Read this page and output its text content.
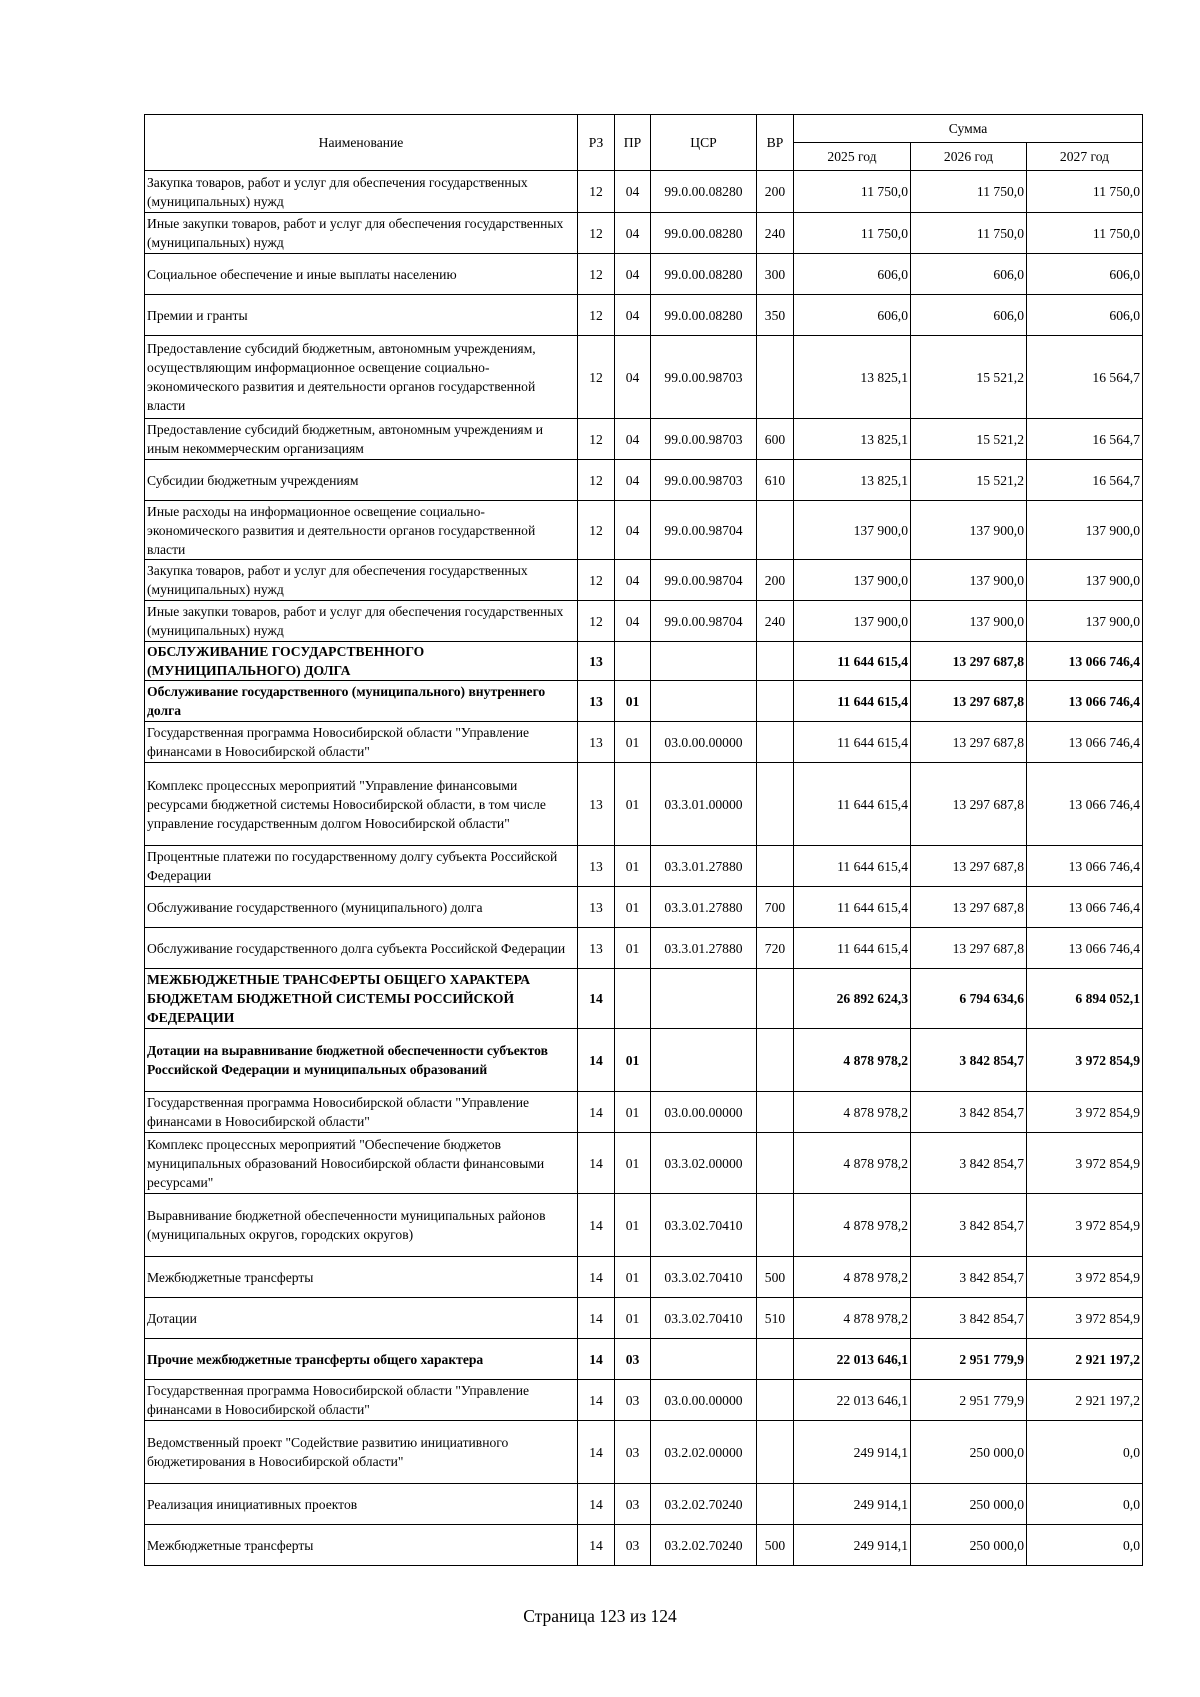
Наименование	РЗ	ПР	ЦСР	ВР	Сумма		
					2025 год	2026 год	2027 год
Закупка товаров, работ и услуг для обеспечения государственных (муниципальных) нужд	12	04	99.0.00.08280	200	11 750,0	11 750,0	11 750,0
Иные закупки товаров, работ и услуг для обеспечения государственных (муниципальных) нужд	12	04	99.0.00.08280	240	11 750,0	11 750,0	11 750,0
Социальное обеспечение и иные выплаты населению	12	04	99.0.00.08280	300	606,0	606,0	606,0
Премии и гранты	12	04	99.0.00.08280	350	606,0	606,0	606,0
Предоставление субсидий бюджетным, автономным учреждениям, осуществляющим информационное освещение социально-экономического развития и деятельности органов государственной власти	12	04	99.0.00.98703		13 825,1	15 521,2	16 564,7
Предоставление субсидий бюджетным, автономным учреждениям и иным некоммерческим организациям	12	04	99.0.00.98703	600	13 825,1	15 521,2	16 564,7
Субсидии бюджетным учреждениям	12	04	99.0.00.98703	610	13 825,1	15 521,2	16 564,7
Иные расходы на информационное освещение социально-экономического развития и деятельности органов государственной власти	12	04	99.0.00.98704		137 900,0	137 900,0	137 900,0
Закупка товаров, работ и услуг для обеспечения государственных (муниципальных) нужд	12	04	99.0.00.98704	200	137 900,0	137 900,0	137 900,0
Иные закупки товаров, работ и услуг для обеспечения государственных (муниципальных) нужд	12	04	99.0.00.98704	240	137 900,0	137 900,0	137 900,0
ОБСЛУЖИВАНИЕ ГОСУДАРСТВЕННОГО (МУНИЦИПАЛЬНОГО) ДОЛГА	13				11 644 615,4	13 297 687,8	13 066 746,4
Обслуживание государственного (муниципального) внутреннего долга	13	01			11 644 615,4	13 297 687,8	13 066 746,4
Государственная программа Новосибирской области "Управление финансами в Новосибирской области"	13	01	03.0.00.00000		11 644 615,4	13 297 687,8	13 066 746,4
Комплекс процессных мероприятий "Управление финансовыми ресурсами бюджетной системы Новосибирской области, в том числе управление государственным долгом Новосибирской области"	13	01	03.3.01.00000		11 644 615,4	13 297 687,8	13 066 746,4
Процентные платежи по государственному долгу субъекта Российской Федерации	13	01	03.3.01.27880		11 644 615,4	13 297 687,8	13 066 746,4
Обслуживание государственного (муниципального) долга	13	01	03.3.01.27880	700	11 644 615,4	13 297 687,8	13 066 746,4
Обслуживание государственного долга субъекта Российской Федерации	13	01	03.3.01.27880	720	11 644 615,4	13 297 687,8	13 066 746,4
МЕЖБЮДЖЕТНЫЕ ТРАНСФЕРТЫ ОБЩЕГО ХАРАКТЕРА БЮДЖЕТАМ БЮДЖЕТНОЙ СИСТЕМЫ РОССИЙСКОЙ ФЕДЕРАЦИИ	14				26 892 624,3	6 794 634,6	6 894 052,1
Дотации на выравнивание бюджетной обеспеченности субъектов Российской Федерации и муниципальных образований	14	01			4 878 978,2	3 842 854,7	3 972 854,9
Государственная программа Новосибирской области "Управление финансами в Новосибирской области"	14	01	03.0.00.00000		4 878 978,2	3 842 854,7	3 972 854,9
Комплекс процессных мероприятий "Обеспечение бюджетов муниципальных образований Новосибирской области финансовыми ресурсами"	14	01	03.3.02.00000		4 878 978,2	3 842 854,7	3 972 854,9
Выравнивание бюджетной обеспеченности муниципальных районов (муниципальных округов, городских округов)	14	01	03.3.02.70410		4 878 978,2	3 842 854,7	3 972 854,9
Межбюджетные трансферты	14	01	03.3.02.70410	500	4 878 978,2	3 842 854,7	3 972 854,9
Дотации	14	01	03.3.02.70410	510	4 878 978,2	3 842 854,7	3 972 854,9
Прочие межбюджетные трансферты общего характера	14	03			22 013 646,1	2 951 779,9	2 921 197,2
Государственная программа Новосибирской области "Управление финансами в Новосибирской области"	14	03	03.0.00.00000		22 013 646,1	2 951 779,9	2 921 197,2
Ведомственный проект "Содействие развитию инициативного бюджетирования в Новосибирской области"	14	03	03.2.02.00000		249 914,1	250 000,0	0,0
Реализация инициативных проектов	14	03	03.2.02.70240		249 914,1	250 000,0	0,0
Межбюджетные трансферты	14	03	03.2.02.70240	500	249 914,1	250 000,0	0,0
Страница 123 из 124
